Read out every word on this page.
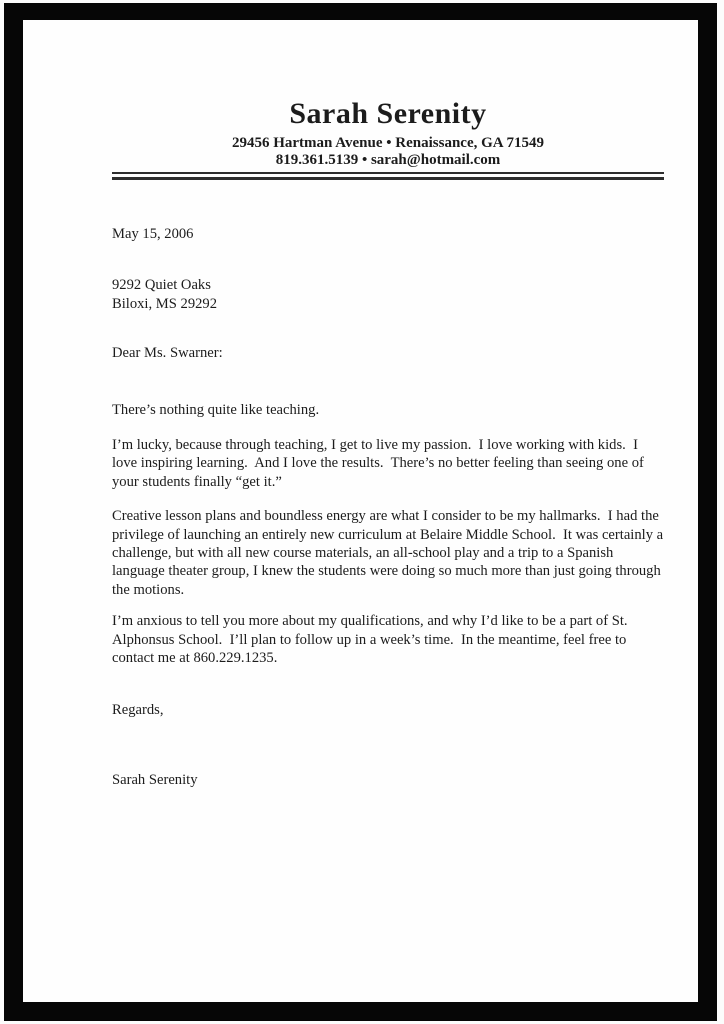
Sarah Serenity
29456 Hartman Avenue • Renaissance, GA 71549
819.361.5139 • sarah@hotmail.com
May 15, 2006
9292 Quiet Oaks
Biloxi, MS 29292
Dear Ms. Swarner:

There’s nothing quite like teaching.

I’m lucky, because through teaching, I get to live my passion.  I love working with kids.  I love inspiring learning.  And I love the results.  There’s no better feeling than seeing one of your students finally “get it.”

Creative lesson plans and boundless energy are what I consider to be my hallmarks.  I had the privilege of launching an entirely new curriculum at Belaire Middle School.  It was certainly a challenge, but with all new course materials, an all-school play and a trip to a Spanish language theater group, I knew the students were doing so much more than just going through the motions.

I’m anxious to tell you more about my qualifications, and why I’d like to be a part of St. Alphonsus School.  I’ll plan to follow up in a week’s time.  In the meantime, feel free to contact me at 860.229.1235.

Regards,
Sarah Serenity
